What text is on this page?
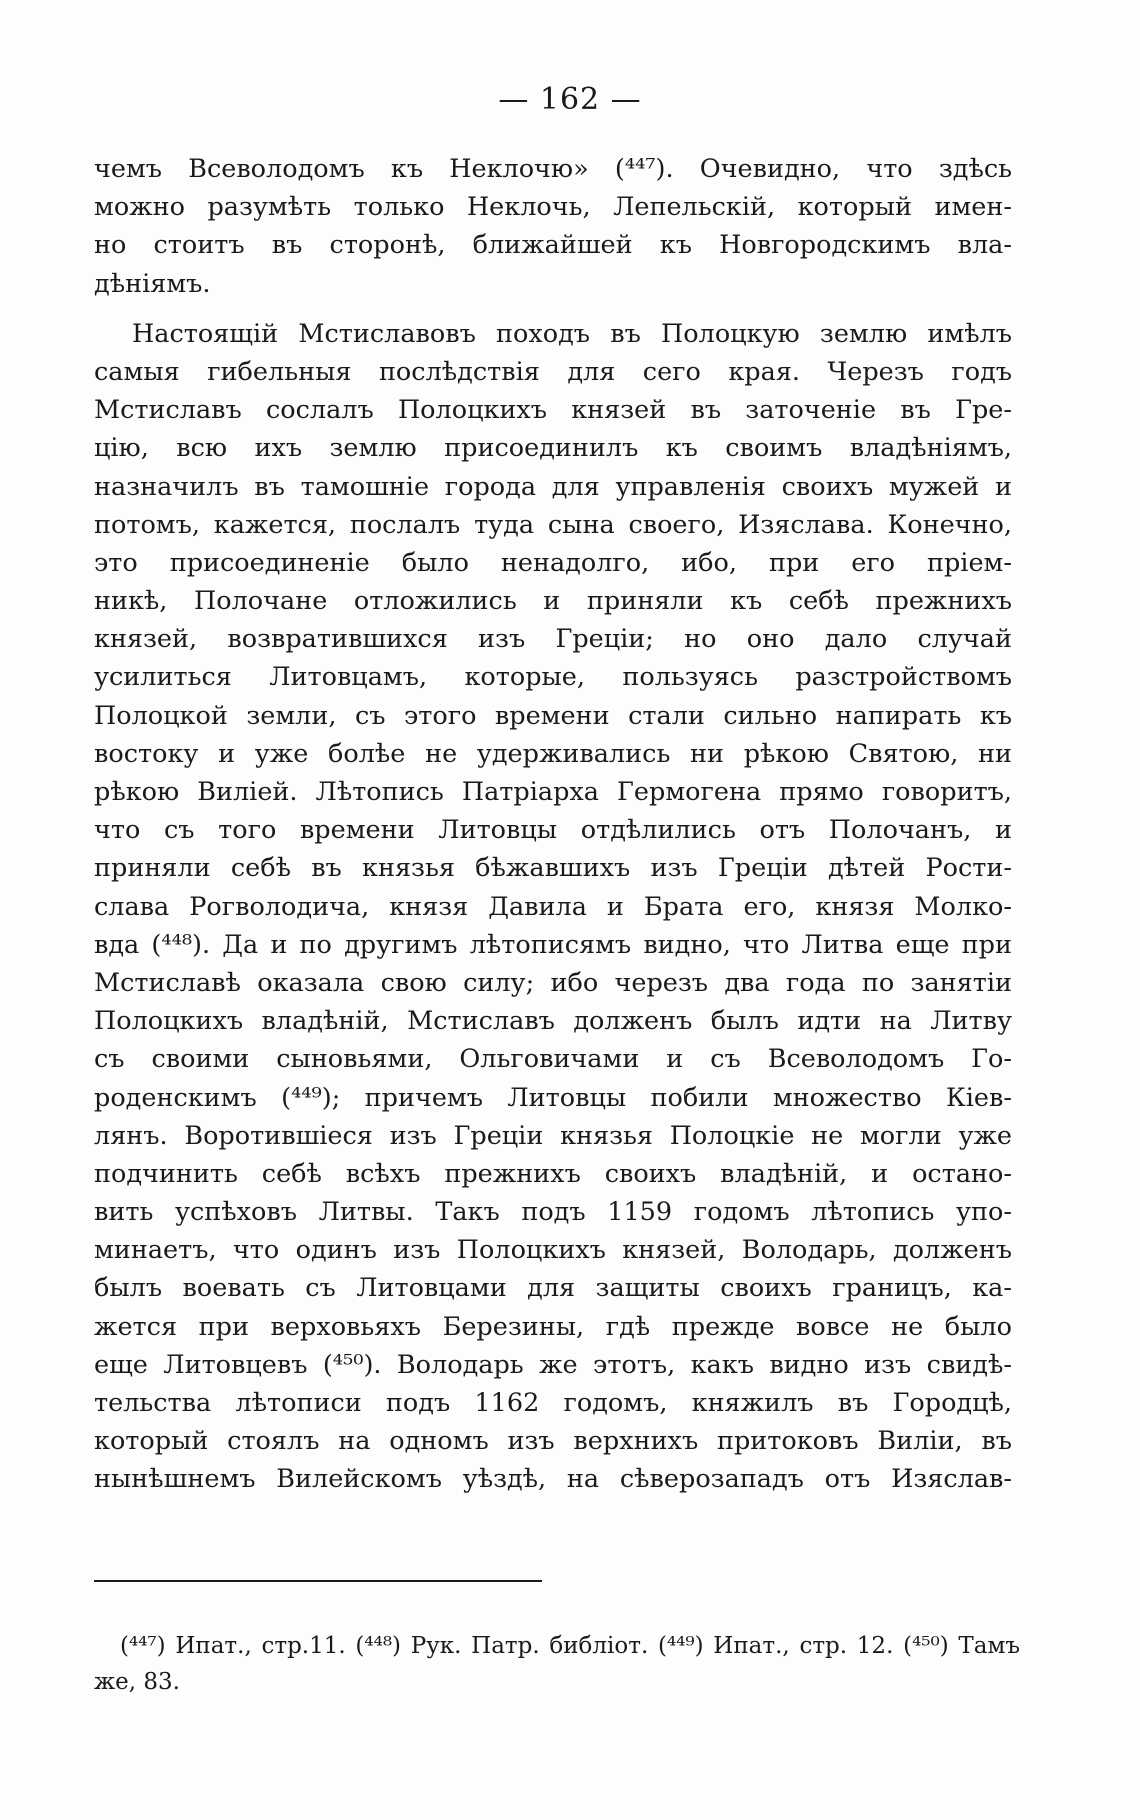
— 162 —
чемъ Всеволодомъ къ Неклочю» (⁴⁴⁷). Очевидно, что здѣсь
можно разумѣть только Неклочь, Лепельскій, который имен-
но стоитъ въ сторонѣ, ближайшей къ Новгородскимъ вла-
дѣніямъ.
Настоящій Мстиславовъ походъ въ Полоцкую землю имѣлъ
самыя гибельныя послѣдствія для сего края. Черезъ годъ
Мстиславъ сослалъ Полоцкихъ князей въ заточеніе въ Гре-
цію, всю ихъ землю присоединилъ къ своимъ владѣніямъ,
назначилъ въ тамошніе города для управленія своихъ мужей и
потомъ, кажется, послалъ туда сына своего, Изяслава. Конечно,
это присоединеніе было ненадолго, ибо, при его пріем-
никѣ, Полочане отложились и приняли къ себѣ прежнихъ
князей, возвратившихся изъ Греціи; но оно дало случай
усилиться Литовцамъ, которые, пользуясь разстройствомъ
Полоцкой земли, съ этого времени стали сильно напирать къ
востоку и уже болѣе не удерживались ни рѣкою Святою, ни
рѣкою Виліей. Лѣтопись Патріарха Гермогена прямо говоритъ,
что съ того времени Литовцы отдѣлились отъ Полочанъ, и
приняли себѣ въ князья бѣжавшихъ изъ Греціи дѣтей Рости-
слава Рогволодича, князя Давила и Брата его, князя Молко-
вда (⁴⁴⁸). Да и по другимъ лѣтописямъ видно, что Литва еще при
Мстиславѣ оказала свою силу; ибо черезъ два года по занятіи
Полоцкихъ владѣній, Мстиславъ долженъ былъ идти на Литву
съ своими сыновьями, Ольговичами и съ Всеволодомъ Го-
роденскимъ (⁴⁴⁹); причемъ Литовцы побили множество Кіев-
лянъ. Воротившіеся изъ Греціи князья Полоцкіе не могли уже
подчинить себѣ всѣхъ прежнихъ своихъ владѣній, и остано-
вить успѣховъ Литвы. Такъ подъ 1159 годомъ лѣтопись упо-
минаетъ, что одинъ изъ Полоцкихъ князей, Володарь, долженъ
былъ воевать съ Литовцами для защиты своихъ границъ, ка-
жется при верховьяхъ Березины, гдѣ прежде вовсе не было
еще Литовцевъ (⁴⁵⁰). Володарь же этотъ, какъ видно изъ свидѣ-
тельства лѣтописи подъ 1162 годомъ, княжилъ въ Городцѣ,
который стоялъ на одномъ изъ верхнихъ притоковъ Виліи, въ
нынѣшнемъ Вилейскомъ уѣздѣ, на сѣверозападъ отъ Изяслав-
(⁴⁴⁷) Ипат., стр.11. (⁴⁴⁸) Рук. Патр. библіот. (⁴⁴⁹) Ипат., стр. 12. (⁴⁵⁰) Тамъ
же, 83.
